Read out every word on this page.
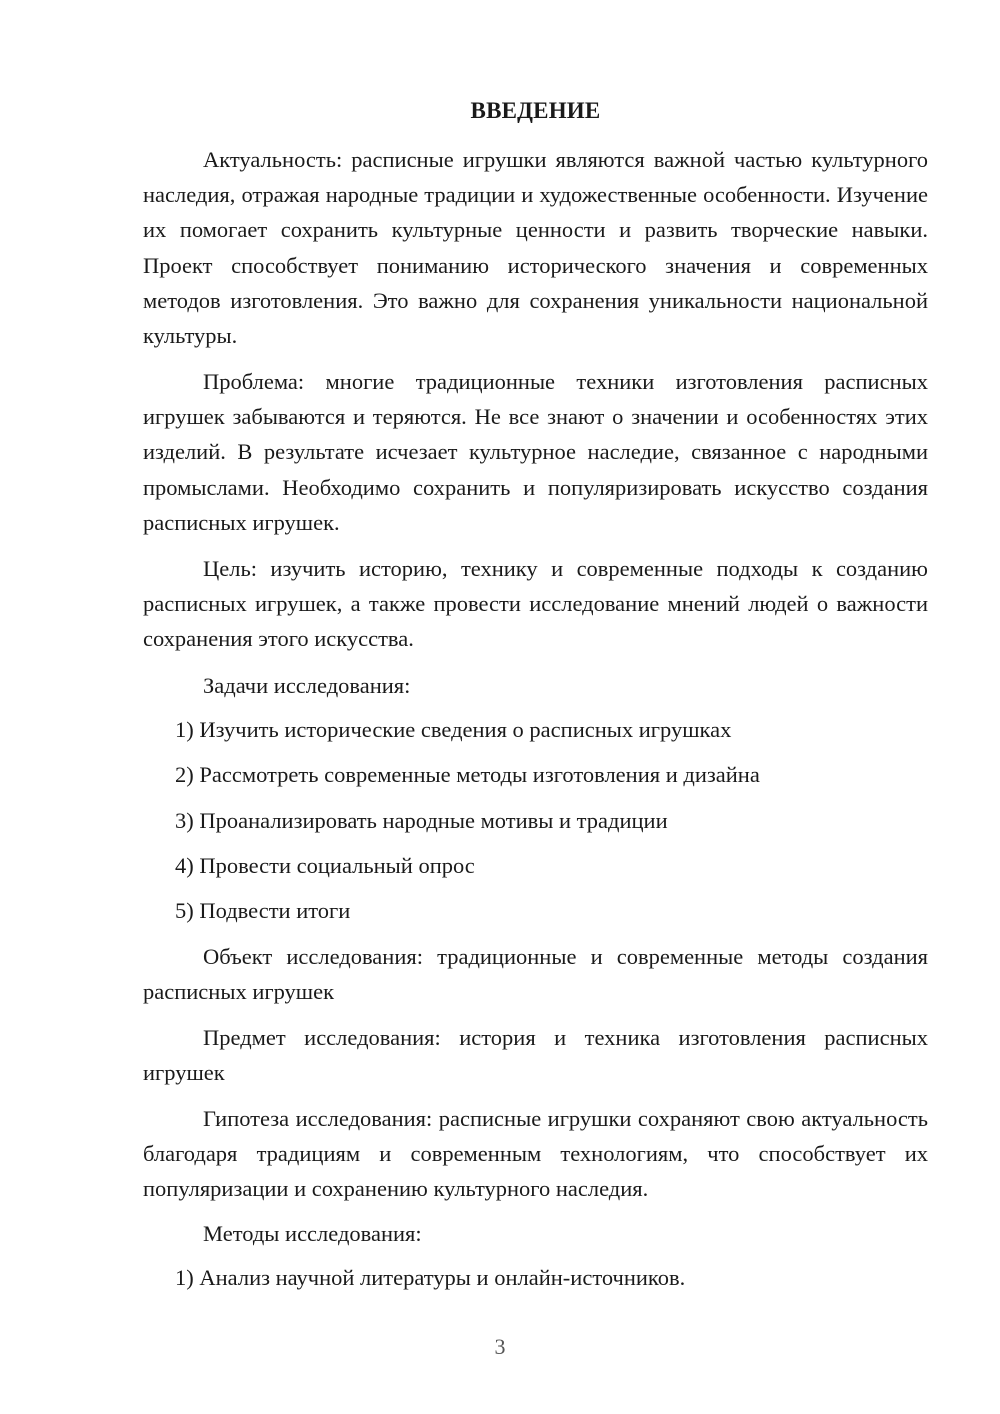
ВВЕДЕНИЕ

Актуальность: расписные игрушки являются важной частью культурного наследия, отражая народные традиции и художественные особенности. Изучение их помогает сохранить культурные ценности и развить творческие навыки. Проект способствует пониманию исторического значения и современных методов изготовления. Это важно для сохранения уникальности национальной культуры.

Проблема: многие традиционные техники изготовления расписных игрушек забываются и теряются. Не все знают о значении и особенностях этих изделий. В результате исчезает культурное наследие, связанное с народными промыслами. Необходимо сохранить и популяризировать искусство создания расписных игрушек.

Цель: изучить историю, технику и современные подходы к созданию расписных игрушек, а также провести исследование мнений людей о важности сохранения этого искусства.

Задачи исследования:

1) Изучить исторические сведения о расписных игрушках

2) Рассмотреть современные методы изготовления и дизайна

3) Проанализировать народные мотивы и традиции

4) Провести социальный опрос

5) Подвести итоги

Объект исследования: традиционные и современные методы создания расписных игрушек

Предмет исследования: история и техника изготовления расписных игрушек

Гипотеза исследования: расписные игрушки сохраняют свою актуальность благодаря традициям и современным технологиям, что способствует их популяризации и сохранению культурного наследия.

Методы исследования:

1) Анализ научной литературы и онлайн-источников.

3
